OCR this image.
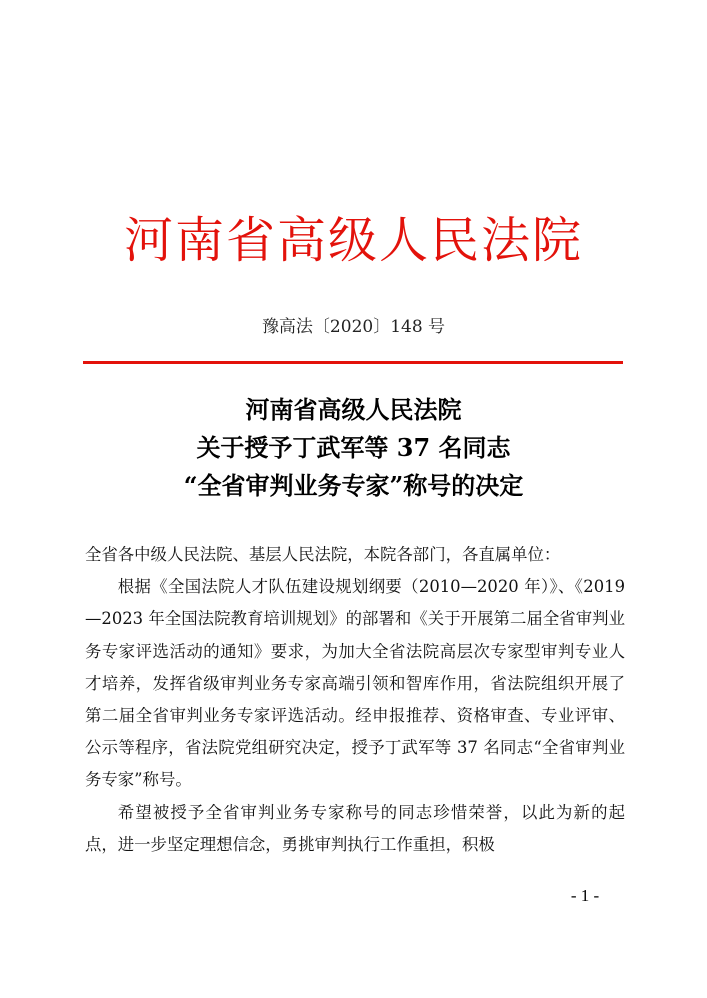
河南省高级人民法院
豫高法〔2020〕148 号
河南省高级人民法院
关于授予丁武军等 37 名同志
“全省审判业务专家”称号的决定

全省各中级人民法院、基层人民法院，本院各部门，各直属单位：

根据《全国法院人才队伍建设规划纲要（2010—2020 年）》、《2019—2023 年全国法院教育培训规划》的部署和《关于开展第二届全省审判业务专家评选活动的通知》要求，为加大全省法院高层次专家型审判专业人才培养，发挥省级审判业务专家高端引领和智库作用，省法院组织开展了第二届全省审判业务专家评选活动。经申报推荐、资格审查、专业评审、公示等程序，省法院党组研究决定，授予丁武军等 37 名同志“全省审判业务专家”称号。

希望被授予全省审判业务专家称号的同志珍惜荣誉，以此为新的起点，进一步坚定理想信念，勇挑审判执行工作重担，积极

- 1 -
